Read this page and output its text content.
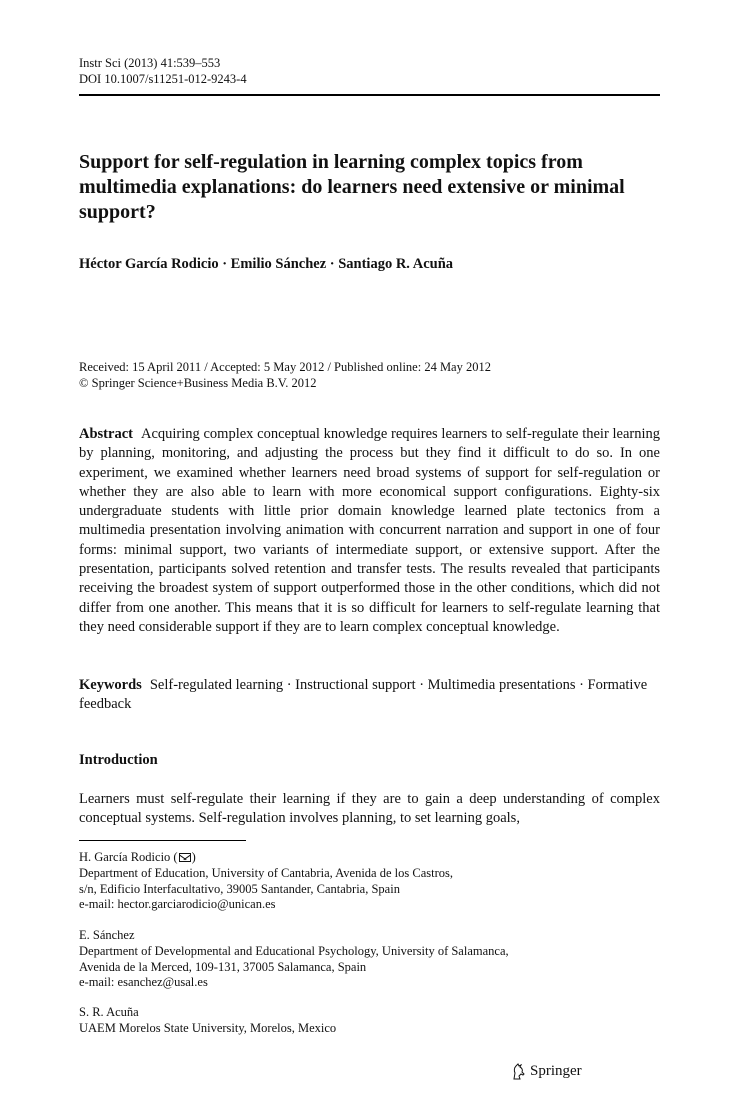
Instr Sci (2013) 41:539–553
DOI 10.1007/s11251-012-9243-4
Support for self-regulation in learning complex topics from multimedia explanations: do learners need extensive or minimal support?
Héctor García Rodicio · Emilio Sánchez · Santiago R. Acuña
Received: 15 April 2011 / Accepted: 5 May 2012 / Published online: 24 May 2012
© Springer Science+Business Media B.V. 2012

Abstract Acquiring complex conceptual knowledge requires learners to self-regulate their learning by planning, monitoring, and adjusting the process but they find it difficult to do so. In one experiment, we examined whether learners need broad systems of support for self-regulation or whether they are also able to learn with more economical support configurations. Eighty-six undergraduate students with little prior domain knowledge learned plate tectonics from a multimedia presentation involving animation with concurrent narration and support in one of four forms: minimal support, two variants of intermediate support, or extensive support. After the presentation, participants solved retention and transfer tests. The results revealed that participants receiving the broadest system of support outperformed those in the other conditions, which did not differ from one another. This means that it is so difficult for learners to self-regulate learning that they need considerable support if they are to learn complex conceptual knowledge.

Keywords Self-regulated learning · Instructional support · Multimedia presentations · Formative feedback

Introduction

Learners must self-regulate their learning if they are to gain a deep understanding of complex conceptual systems. Self-regulation involves planning, to set learning goals,

H. García Rodicio ( )
Department of Education, University of Cantabria, Avenida de los Castros,
s/n, Edificio Interfacultativo, 39005 Santander, Cantabria, Spain
e-mail: hector.garciarodicio@unican.es
E. Sánchez
Department of Developmental and Educational Psychology, University of Salamanca,
Avenida de la Merced, 109-131, 37005 Salamanca, Spain
e-mail: esanchez@usal.es
S. R. Acuña
UAEM Morelos State University, Morelos, Mexico
Springer
